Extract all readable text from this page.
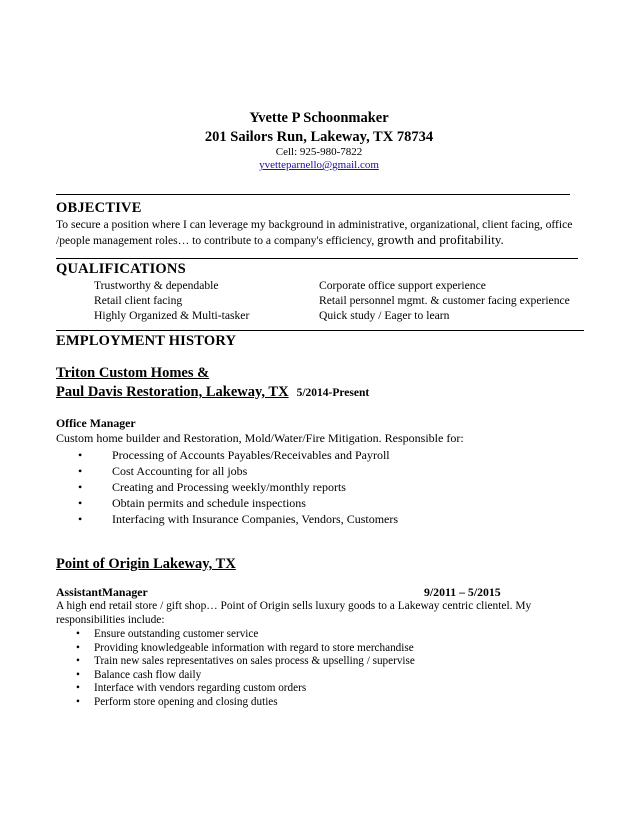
Yvette P Schoonmaker
201 Sailors Run, Lakeway, TX 78734
Cell: 925-980-7822
yvetteparnello@gmail.com
OBJECTIVE
To secure a position where I can leverage my background in administrative, organizational, client facing, office /people management roles… to contribute to a company's efficiency, growth and profitability.
QUALIFICATIONS
Trustworthy & dependable
Retail client facing
Highly Organized & Multi-tasker
Corporate office support experience
Retail personnel mgmt. & customer facing experience
Quick study / Eager to learn
EMPLOYMENT HISTORY
Triton Custom Homes &
Paul Davis Restoration, Lakeway, TX 5/2014-Present
Office Manager
Custom home builder and Restoration, Mold/Water/Fire Mitigation. Responsible for:
• Processing of Accounts Payables/Receivables and Payroll
• Cost Accounting for all jobs
• Creating and Processing weekly/monthly reports
• Obtain permits and schedule inspections
• Interfacing with Insurance Companies, Vendors, Customers
Point of Origin Lakeway, TX
AssistantManager	9/2011 – 5/2015
A high end retail store / gift shop… Point of Origin sells luxury goods to a Lakeway centric clientel. My responsibilities include:
• Ensure outstanding customer service
• Providing knowledgeable information with regard to store merchandise
• Train new sales representatives on sales process & upselling / supervise
• Balance cash flow daily
• Interface with vendors regarding custom orders
• Perform store opening and closing duties
